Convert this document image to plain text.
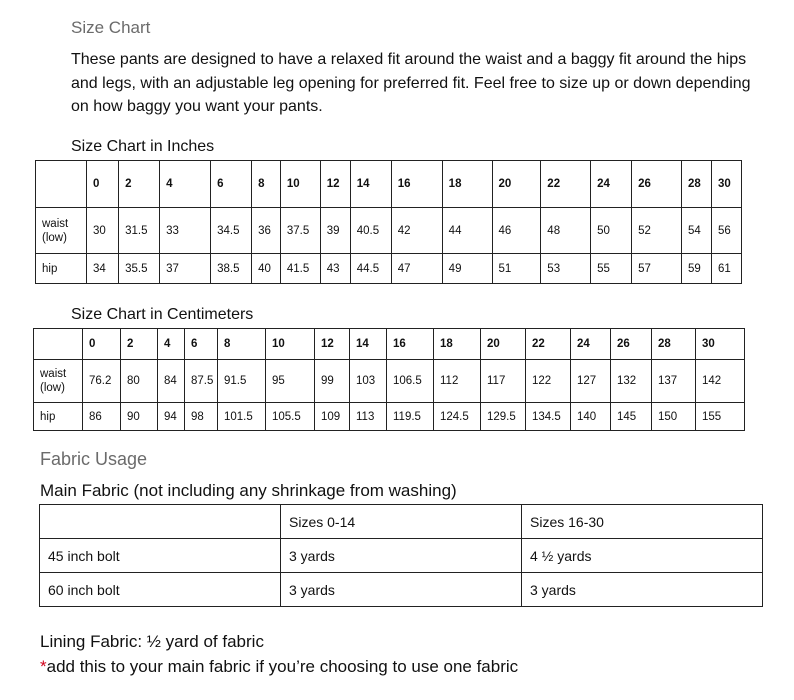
Size Chart
These pants are designed to have a relaxed fit around the waist and a baggy fit around the hips and legs, with an adjustable leg opening for preferred fit. Feel free to size up or down depending on how baggy you want your pants.
Size Chart in Inches
	0	2	4	6	8	10	12	14	16	18	20	22	24	26	28	30
waist (low)	30	31.5	33	34.5	36	37.5	39	40.5	42	44	46	48	50	52	54	56
hip	34	35.5	37	38.5	40	41.5	43	44.5	47	49	51	53	55	57	59	61
Size Chart in Centimeters
	0	2	4	6	8	10	12	14	16	18	20	22	24	26	28	30
waist (low)	76.2	80	84	87.5	91.5	95	99	103	106.5	112	117	122	127	132	137	142
hip	86	90	94	98	101.5	105.5	109	113	119.5	124.5	129.5	134.5	140	145	150	155
Fabric Usage
Main Fabric (not including any shrinkage from washing)
	Sizes 0-14	Sizes 16-30
45 inch bolt	3 yards	4 ½ yards
60 inch bolt	3 yards	3 yards
Lining Fabric: ½ yard of fabric
*add this to your main fabric if you’re choosing to use one fabric
